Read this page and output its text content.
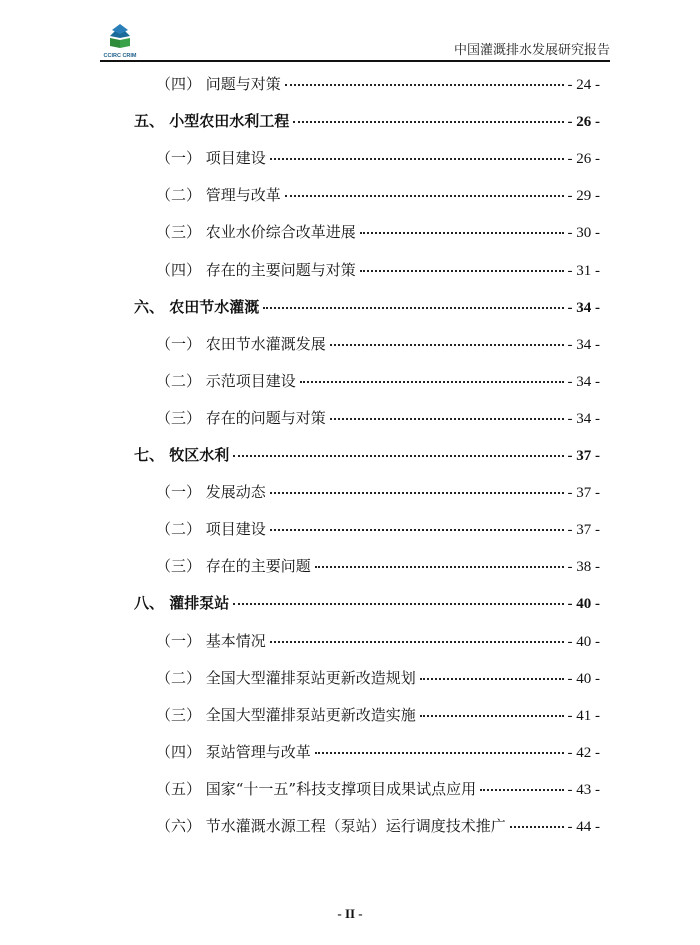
CCIRC CRIM	中国灌溉排水发展研究报告
（四） 问题与对策	- 24 -
五、 小型农田水利工程	- 26 -
（一） 项目建设	- 26 -
（二） 管理与改革	- 29 -
（三） 农业水价综合改革进展	- 30 -
（四） 存在的主要问题与对策	- 31 -
六、 农田节水灌溉	- 34 -
（一） 农田节水灌溉发展	- 34 -
（二） 示范项目建设	- 34 -
（三） 存在的问题与对策	- 34 -
七、 牧区水利	- 37 -
（一） 发展动态	- 37 -
（二） 项目建设	- 37 -
（三） 存在的主要问题	- 38 -
八、 灌排泵站	- 40 -
（一） 基本情况	- 40 -
（二） 全国大型灌排泵站更新改造规划	- 40 -
（三） 全国大型灌排泵站更新改造实施	- 41 -
（四） 泵站管理与改革	- 42 -
（五） 国家“十一五”科技支撑项目成果试点应用	- 43 -
（六） 节水灌溉水源工程（泵站）运行调度技术推广	- 44 -
- II -
